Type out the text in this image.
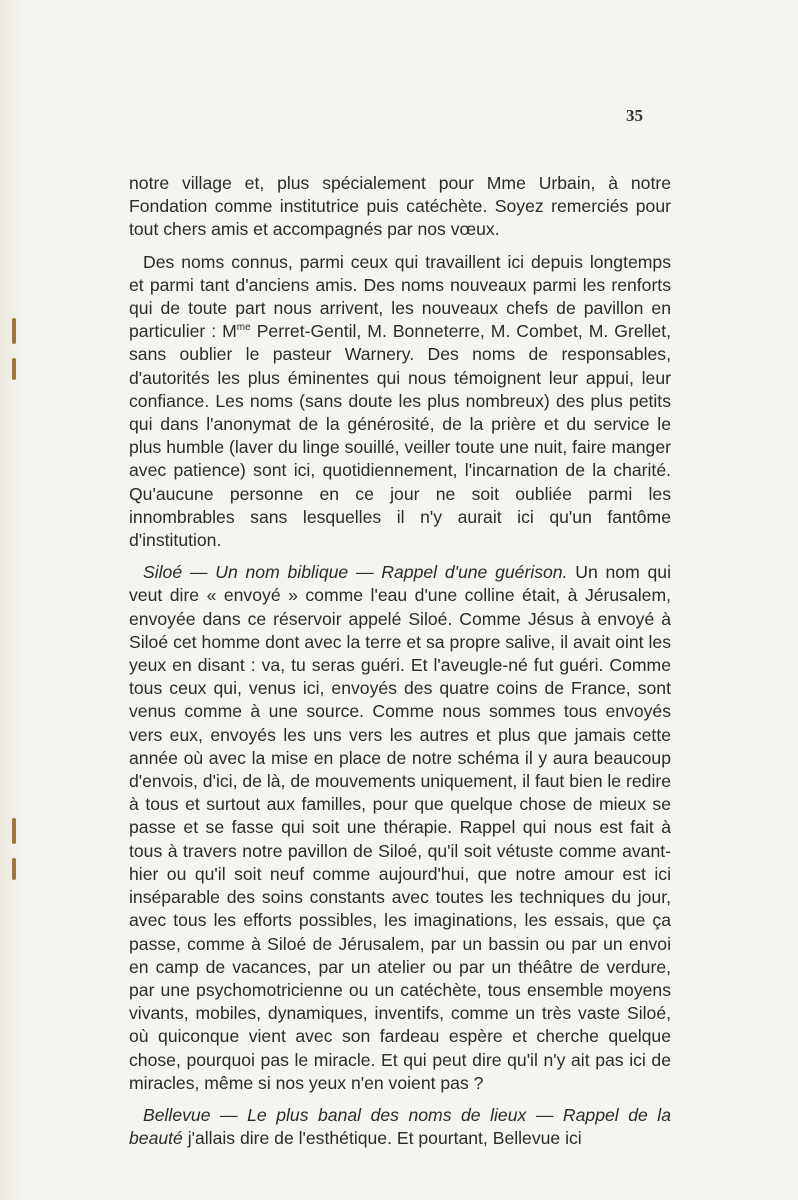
35

notre village et, plus spécialement pour Mme Urbain, à notre Fondation comme institutrice puis catéchète. Soyez remerciés pour tout chers amis et accompagnés par nos vœux.

Des noms connus, parmi ceux qui travaillent ici depuis longtemps et parmi tant d'anciens amis. Des noms nouveaux parmi les renforts qui de toute part nous arrivent, les nouveaux chefs de pavillon en particulier : $M^{me}$ Perret-Gentil, M. Bonneterre, M. Combet, M. Grellet, sans oublier le pasteur Warnery. Des noms de responsables, d'autorités les plus éminentes qui nous témoignent leur appui, leur confiance. Les noms (sans doute les plus nombreux) des plus petits qui dans l'anonymat de la générosité, de la prière et du service le plus humble (laver du linge souillé, veiller toute une nuit, faire manger avec patience) sont ici, quotidiennement, l'incarnation de la charité. Qu'aucune personne en ce jour ne soit oubliée parmi les innombrables sans lesquelles il n'y aurait ici qu'un fantôme d'institution.

Siloé — Un nom biblique — Rappel d'une guérison. Un nom qui veut dire « envoyé » comme l'eau d'une colline était, à Jérusalem, envoyée dans ce réservoir appelé Siloé. Comme Jésus à envoyé à Siloé cet homme dont avec la terre et sa propre salive, il avait oint les yeux en disant : va, tu seras guéri. Et l'aveugle-né fut guéri. Comme tous ceux qui, venus ici, envoyés des quatre coins de France, sont venus comme à une source. Comme nous sommes tous envoyés vers eux, envoyés les uns vers les autres et plus que jamais cette année où avec la mise en place de notre schéma il y aura beaucoup d'envois, d'ici, de là, de mouvements uniquement, il faut bien le redire à tous et surtout aux familles, pour que quelque chose de mieux se passe et se fasse qui soit une thérapie. Rappel qui nous est fait à tous à travers notre pavillon de Siloé, qu'il soit vétuste comme avant-hier ou qu'il soit neuf comme aujourd'hui, que notre amour est ici inséparable des soins constants avec toutes les techniques du jour, avec tous les efforts possibles, les imaginations, les essais, que ça passe, comme à Siloé de Jérusalem, par un bassin ou par un envoi en camp de vacances, par un atelier ou par un théâtre de verdure, par une psychomotricienne ou un catéchète, tous ensemble moyens vivants, mobiles, dynamiques, inventifs, comme un très vaste Siloé, où quiconque vient avec son fardeau espère et cherche quelque chose, pourquoi pas le miracle. Et qui peut dire qu'il n'y ait pas ici de miracles, même si nos yeux n'en voient pas ?

Bellevue — Le plus banal des noms de lieux — Rappel de la beauté j'allais dire de l'esthétique. Et pourtant, Bellevue ici
